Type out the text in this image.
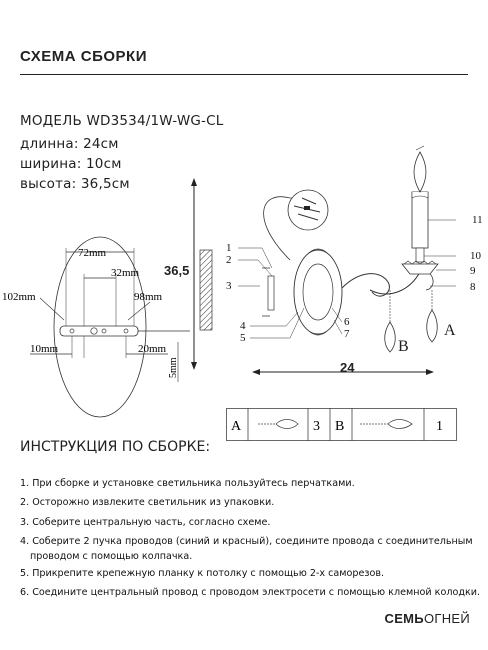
СХЕМА СБОРКИ
МОДЕЛЬ WD3534/1W-WG-CL
длинна: 24см
ширина: 10см
высота: 36,5см
72mm
32mm
102mm	98mm
10mm	20mm
5mm
36,5
1
2
3
4
5
6
7
8
9
10
11
B
A
24
A	3 B	1
ИНСТРУКЦИЯ ПО СБОРКЕ:
1. При сборке и установке светильника пользуйтесь перчатками.
2. Осторожно извлеките светильник из упаковки.
3. Соберите центральную часть, согласно схеме.
4. Соберите 2 пучка проводов (синий и красный), соедините провода с соединительным
проводом с помощью колпачка.
5. Прикрепите крепежную планку к потолку с помощью 2-х саморезов.
6. Соедините центральный провод с проводом электросети с помощью клемной колодки.
СЕМЬОГНЕЙ
